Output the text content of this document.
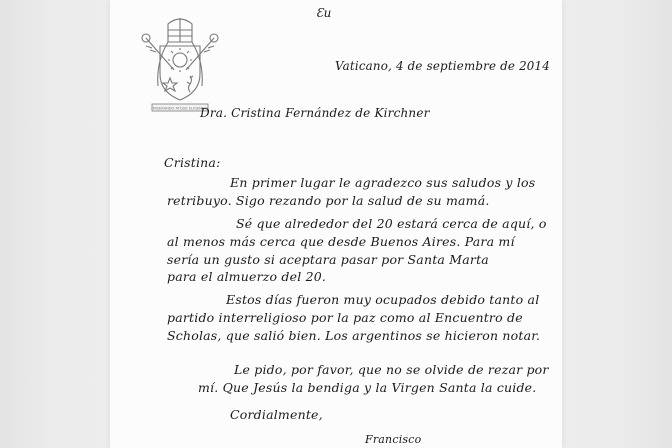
MISERANDO ATQUE ELIGENDO
Ɛu
Vaticano, 4 de septiembre de 2014
Dra. Cristina Fernández de Kirchner
Cristina:
En primer lugar le agradezco sus saludos y los
retribuyo. Sigo rezando por la salud de su mamá.
Sé que alrededor del 20 estará cerca de aquí, o
al menos más cerca que desde Buenos Aires. Para mí
sería un gusto si aceptara pasar por Santa Marta
para el almuerzo del 20.
Estos días fueron muy ocupados debido tanto al
partido interreligioso por la paz como al Encuentro de
Scholas, que salió bien. Los argentinos se hicieron notar.
Le pido, por favor, que no se olvide de rezar por
mí. Que Jesús la bendiga y la Virgen Santa la cuide.
Cordialmente,
Francisco
